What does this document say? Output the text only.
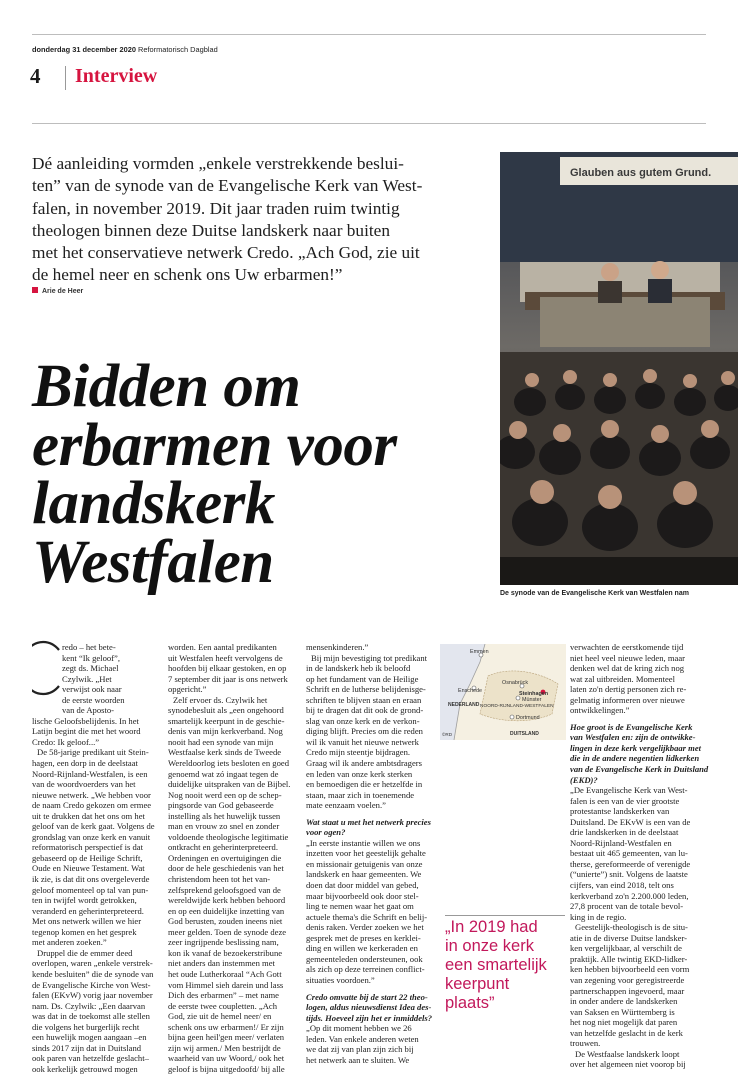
donderdag 31 december 2020 Reformatorisch Dagblad
4 Interview
Dé aanleiding vormden „enkele verstrekkende beslui-
ten” van de synode van de Evangelische Kerk van West-
falen, in november 2019. Dit jaar traden ruim twintig
theologen binnen deze Duitse landskerk naar buiten
met het conservatieve netwerk Credo. „Ach God, zie uit
de hemel neer en schenk ons Uw erbarmen!”
Arie de Heer
Bidden om
erbarmen voor
landskerk
Westfalen
Glauben aus gutem Grund.
De synode van de Evangelische Kerk van Westfalen nam
redo – het bete-
kent “Ik geloof”,
zegt ds. Michael
Czylwik. „Het
verwijst ook naar
de eerste woorden
van de Aposto-
lische Geloofsbelijdenis. In het
Latijn begint die met het woord
Credo: Ik geloof...”
De 58-jarige predikant uit Stein-
hagen, een dorp in de deelstaat
Noord-Rijnland-Westfalen, is een
van de woordvoerders van het
nieuwe netwerk. „We hebben voor
de naam Credo gekozen om ermee
uit te drukken dat het ons om het
geloof van de kerk gaat. Volgens de
grondslag van onze kerk en vanuit
reformatorisch perspectief is dat
gebaseerd op de Heilige Schrift,
Oude en Nieuwe Testament. Wat
ik zie, is dat dit ons overgeleverde
geloof momenteel op tal van pun-
ten in twijfel wordt getrokken,
veranderd en geherinterpreteerd.
Met ons netwerk willen we hier
tegenop komen en het gesprek
met anderen zoeken.”
Druppel die de emmer deed
overlopen, waren „enkele verstrek-
kende besluiten” die de synode van
de Evangelische Kirche von West-
falen (EKvW) vorig jaar november
nam. Ds. Czylwik: „Een daarvan
was dat in de toekomst alle stellen
die volgens het burgerlijk recht
een huwelijk mogen aangaan –en
sinds 2017 zijn dat in Duitsland
ook paren van hetzelfde geslacht–
ook kerkelijk getrouwd mogen
worden. Een aantal predikanten
uit Westfalen heeft vervolgens de
hoofden bij elkaar gestoken, en op
7 september dit jaar is ons netwerk
opgericht.”
Zelf ervoer ds. Czylwik het
synodebesluit als „een ongehoord
smartelijk keerpunt in de geschie-
denis van mijn kerkverband. Nog
nooit had een synode van mijn
Westfaalse kerk sinds de Tweede
Wereldoorlog iets besloten en goed
genoemd wat zó ingaat tegen de
duidelijke uitspraken van de Bijbel.
Nog nooit werd een op de schep-
pingsorde van God gebaseerde
instelling als het huwelijk tussen
man en vrouw zo snel en zonder
voldoende theologische legitimatie
ontkracht en geherinterpreteerd.
Ordeningen en overtuigingen die
door de hele geschiedenis van het
christendom heen tot het van-
zelfsprekend geloofsgoed van de
wereldwijde kerk hebben behoord
en op een duidelijke inzetting van
God berusten, zouden ineens niet
meer gelden. Toen de synode deze
zeer ingrijpende beslissing nam,
kon ik vanaf de bezoekerstribune
niet anders dan instemmen met
het oude Lutherkoraal “Ach Gott
vom Himmel sieh darein und lass
Dich des erbarmen” – met name
de eerste twee coupletten. „Ach
God, zie uit de hemel neer/ en
schenk ons uw erbarmen!/ Er zijn
bijna geen heil'gen meer/ verlaten
zijn wij armen./ Men bestrijdt de
waarheid van uw Woord,/ ook het
geloof is bijna uitgedoofd/ bij alle
mensenkinderen.”
Bij mijn bevestiging tot predikant
in de landskerk heb ik beloofd
op het fundament van de Heilige
Schrift en de lutherse belijdenisge-
schriften te blijven staan en eraan
bij te dragen dat dit ook de grond-
slag van onze kerk en de verkon-
diging blijft. Precies om die reden
wil ik vanuit het nieuwe netwerk
Credo mijn steentje bijdragen.
Graag wil ik andere ambtsdragers
en leden van onze kerk sterken
en bemoedigen die er hetzelfde in
staan, maar zich in toenemende
mate eenzaam voelen.”
Wat staat u met het netwerk precies
voor ogen?
„In eerste instantie willen we ons
inzetten voor het geestelijk gehalte
en missionair getuigenis van onze
landskerk en haar gemeenten. We
doen dat door middel van gebed,
maar bijvoorbeeld ook door stel-
ling te nemen waar het gaat om
actuele thema's die Schrift en belij-
denis raken. Verder zoeken we het
gesprek met de preses en kerklei-
ding en willen we kerkeraden en
gemeenteleden ondersteunen, ook
als zich op deze terreinen conflict-
situaties voordoen.”
Credo omvatte bij de start 22 theo-
logen, aldus nieuwsdienst Idea des-
tijds. Hoeveel zijn het er inmiddels?
„Op dit moment hebben we 26
leden. Van enkele anderen weten
we dat zij van plan zijn zich bij
het netwerk aan te sluiten. We
Emmen
Enschede
Osnabrück
Steinhagen
Münster
NEDERLAND NOORD-RIJNLAND-WESTFALEN
Dortmund
DUITSLAND
©RD
„In 2019 had
in onze kerk
een smartelijk
keerpunt
plaats”
verwachten de eerstkomende tijd
niet heel veel nieuwe leden, maar
denken wel dat de kring zich nog
wat zal uitbreiden. Momenteel
laten zo'n dertig personen zich re-
gelmatig informeren over nieuwe
ontwikkelingen.”
Hoe groot is de Evangelische Kerk
van Westfalen en: zijn de ontwikke-
lingen in deze kerk vergelijkbaar met
die in de andere negentien lidkerken
van de Evangelische Kerk in Duitsland
(EKD)?
„De Evangelische Kerk van West-
falen is een van de vier grootste
protestantse landskerken van
Duitsland. De EKvW is een van de
drie landskerken in de deelstaat
Noord-Rijnland-Westfalen en
bestaat uit 465 gemeenten, van lu-
therse, gereformeerde of verenigde
(“unierte”) snit. Volgens de laatste
cijfers, van eind 2018, telt ons
kerkverband zo'n 2.200.000 leden,
27,8 procent van de totale bevol-
king in de regio.
Geestelijk-theologisch is de situ-
atie in de diverse Duitse landsker-
ken vergelijkbaar, al verschilt de
praktijk. Alle twintig EKD-lidker-
ken hebben bijvoorbeeld een vorm
van zegening voor geregistreerde
partnerschappen ingevoerd, maar
in onder andere de landskerken
van Saksen en Württemberg is
het nog niet mogelijk dat paren
van hetzelfde geslacht in de kerk
trouwen.
De Westfaalse landskerk loopt
over het algemeen niet voorop bij
